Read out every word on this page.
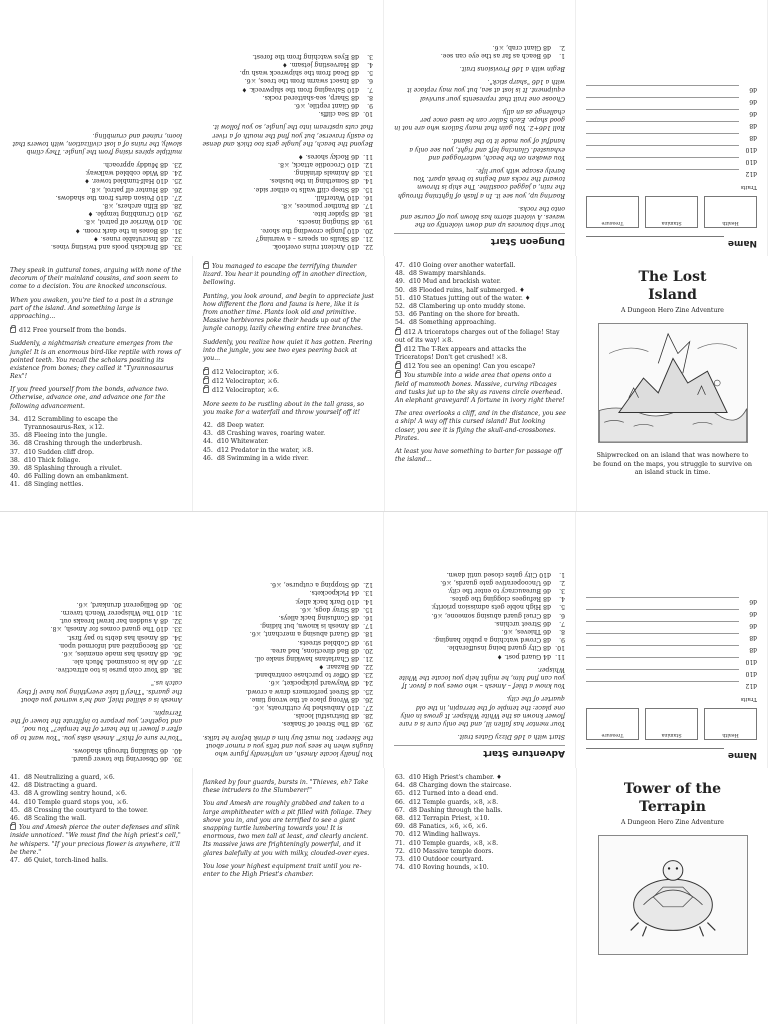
33.d8 Brackish pools and twisting vines.
32.d8 Inscrutable runes. ♦
31.d8 Bones in the dark room. ♦
30.d10 Warrior elf patrol, ⚔8.
29.d10 Crumbling temple. ♦
28.d8 Elfin archers, ⚔8.
27.d10 Poison darts from the shadows.
26.d8 Hunter elf patrol, ⚔8.
25.d10 Half-tumbled tower. ♦
24.d8 Wide cobbled walkway.
23.d8 Muddy approach.

multiple spires rising from the jungle. They climb slowly, the ruins of a lost civilization, with towers that loom, ruined and crumbling.

22.d10 Ancient ruins overlook.
21.d8 Skulls on spears – a warning?
20.d10 Jungle crowding the shore.
19.d8 Stinging insects.
18.d8 Spider bite.
17.d8 Panther pounces, ⚔8.
16.d10 Waterfall.
15.d8 Steep cliff walls to either side.
14.d8 Something in the bushes.
13.d8 Animals drinking.
12.d10 Crocodile attack, ⚔8.
11.d6 Rocky shores. ♦

Beyond the beach, the jungle gets too thick and dense to easily traverse, but you find the mouth of a river that cuts upstream into the jungle, so you follow it.

10.d8 Sea cliffs.
9.d6 Giant reptile, ⚔6.
8.d8 Sharp, sea-shattered rocks.
7.d10 Salvaging from the shipwreck. ♦
6.d8 Insect swarm from the trees, ⚔6.
5.d8 Dead from the shipwreck wash up.
4.d8 Harvesting jetsam. ♦
3.d8 Eyes watching from the forest.
Dungeon Start

Your ship bounces up and down violently on the waves. A violent storm has blown you off course and onto the rocks.

Roaring up, you see it. In a flash of lightning through the rain, a jagged coastline. The ship is thrown toward the rocks and begins to break apart. You barely escape with your life.

You awaken on the beach, waterlogged and exhausted. Glancing left and right, you see only a handful of you made it to the island.

Roll 1d6+2. You gain that many Sailors who are not in good shape. Each Sailor can be used once per challenge as an ally.

Choose one trait that represents your survival equipment. It is lost at sea, but you may replace it with a 1d6 "sharp stick".

Begin with a 1d6 Provisions trait.

1.d6 Beach as far as the eye can see.
2.d8 Giant crab, ⚔6.
Name
Health
Stamina
Treasure
Traits
d12
d10
d10
d8
d8
d6
d6
d6

They speak in guttural tones, arguing with none of the decorum of their mainland cousins, and soon seem to come to a decision. You are knocked unconscious.

When you awaken, you're tied to a post in a strange part of the island. And something large is approaching...

d12 Free yourself from the bonds.

Suddenly, a nightmarish creature emerges from the jungle! It is an enormous bird-like reptile with rows of pointed teeth. You recall the scholars positing its existence from bones; they called it "Tyrannosaurus Rex"!

If you freed yourself from the bonds, advance two. Otherwise, advance one, and advance one for the following advancement.

34. d12 Scrambling to escape the
Tyrannosaurus-Rex, ⚔12.
35. d8 Fleeing into the jungle.
36. d8 Crashing through the underbrush.
37. d10 Sudden cliff drop.
38. d10 Thick foliage.
39. d8 Splashing through a rivulet.
40. d6 Falling down an embankment.
41. d8 Singing nettles.

You managed to escape the terrifying thunder lizard. You hear it pounding off in another direction, bellowing.

Panting, you look around, and begin to appreciate just how different the flora and fauna is here, like it is from another time. Plants look old and primitive. Massive herbivores poke their heads up out of the jungle canopy, lazily chewing entire tree branches.

Suddenly, you realize how quiet it has gotten. Peering into the jungle, you see two eyes peering back at you...

d12 Velociraptor, ⚔6.

d12 Velociraptor, ⚔6.

d12 Velociraptor, ⚔6.

More seem to be rustling about in the tall grass, so you make for a waterfall and throw yourself off it!

42. d8 Deep water.
43. d8 Crashing waves, roaring water.
44. d10 Whitewater.
45. d12 Predator in the water, ⚔8.
46. d8 Swimming in a wide river.
47. d10 Going over another waterfall.
48. d8 Swampy marshlands.
49. d10 Mud and brackish water.
50. d8 Flooded ruins, half submerged. ♦
51. d10 Statues jutting out of the water. ♦
52. d8 Clambering up onto muddy stone.
53. d6 Panting on the shore for breath.
54. d8 Something approaching.

d12 A triceratops charges out of the foliage! Stay out of its way! ⚔8.

d12 The T-Rex appears and attacks the Triceratops! Don't get crushed! ⚔8.

d12 You see an opening! Can you escape?

You stumble into a wide area that opens onto a field of mammoth bones. Massive, curving ribcages and tusks jut up to the sky as ravens circle overhead. An elephant graveyard! A fortune in ivory right there!

The area overlooks a cliff, and in the distance, you see a ship! A way off this cursed island! But looking closer, you see it is flying the skull-and-crossbones. Pirates.

At least you have something to barter for passage off the island...

The Lost
Island
A Dungeon Hero Zine Adventure
Shipwrecked on an island that was nowhere to be found on the maps, you struggle to survive on an island stuck in time.
39.d6 Observing the tower guard.
40.d6 Skulking through shadows.

"You're sure of this?" Amesh asks you. "You want to go after a flower in the heart of the temple?" You nod, and together, you prepare to infiltrate the tower of the Terrapin.

Amesh is a skilled thief, and he's warned you about the guards. "They'll take everything you have if they catch us."

38.d8 Your coin purse is too attractive.
37.d6 Ale is consumed. Much ale.
36.d8 Amesh has made enemies, ⚔6.
35.d8 Recognized and informed upon.
34.d8 Amesh has debts to pay first.
33.d10 The guard comes for Amesh, ⚔8.
32.d8 A sudden bar brawl breaks out.
31.d10 The Whisperer Wench tavern.
30.d6 Belligerent drunkard, ⚔6.

You finally locate Amesh, an unfriendly figure who laughs when he sees you and tells you a rumor about the Sleeper. You must buy him a drink before he talks.

29.d8 The Street of Snakes.
28.d8 Distrustful locals.
27.d10 Ambushed by cutthroats, ⚔6.
26.d8 Wrong place at the wrong time.
25.d8 Street performers draw a crowd.
24.d8 Wayward pickpocket, ⚔6.
23.d8 Offer to purchase contraband.
22.d6 Bazaar. ♦
21.d8 Charlatans hawking snake oil.
20.d8 Bad directions, bad area.
19.d8 Cobbled streets.
18.d8 Guard abusing a merchant, ⚔6.
17.d8 Amesh is known, but hiding.
16.d8 Confusing back alleys.
15.d8 Stray dogs, ⚔6.
14.d10 Dark back alley.
13.d4 Pickpockets.
12.d6 Stopping a cutpurse, ⚔6.
Adventure Start

Start with a 1d6 Dizzy Gates trait.

Your mentor has fallen ill, and the only cure is a rare flower known as the White Whisper. It grows in only one place: the temple of the terrapin, in the old quarter of the city.

You know a thief – Amesh – who owes you a favor. If you can find him, he might help you locate the White Whisper.

11.d4 Guard post. ♦
10.d8 City guard being insufferable.
9.d8 Crowd watching a public hanging.
8.d6 Thieves, ⚔6.
7.d6 Street urchins.
6.d8 Cruel guard abusing someone, ⚔6.
5.d8 High noble gets admission priority.
4.d8 Refugees clogging the gates.
3.d6 Bureaucracy to enter the city.
2.d6 Uncooperative gate guards, ⚔6.
1.d10 City gates closed until dawn.
Name
Health
Stamina
Treasure
Traits
d12
d10
d10
d8
d8
d6
d6
d6
41. d8 Neutralizing a guard, ⚔6.
42. d8 Distracting a guard.
43. d8 A growling sentry hound, ⚔6.
44. d10 Temple guard stops you, ⚔6.
45. d8 Crossing the courtyard to the tower.
46. d8 Scaling the wall.

You and Amesh pierce the outer defenses and slink inside unnoticed. "We must find the high priest's cell," he whispers. "If your precious flower is anywhere, it'll be there."

47. d6 Quiet, torch-lined halls.

flanked by four guards, bursts in. "Thieves, eh? Take these intruders to the Slumberer!"

You and Amesh are roughly grabbed and taken to a large amphitheater with a pit filled with foliage. They shove you in, and you are terrified to see a giant snapping turtle lumbering towards you! It is enormous, two men tall at least, and clearly ancient. Its massive jaws are frighteningly powerful, and it glares balefully at you with milky, clouded-over eyes.

You lose your highest equipment trait until you re-enter to the High Priest's chamber.

63. d10 High Priest's chamber. ♦
64. d8 Charging down the staircase.
65. d12 Turned into a dead end.
66. d12 Temple guards, ⚔8, ⚔8.
67. d8 Dashing through the halls.
68. d12 Terrapin Priest, ⚔10.
69. d8 Fanatics, ⚔6, ⚔6, ⚔6.
70. d12 Winding hallways.
71. d10 Temple guards, ⚔8, ⚔8.
72. d10 Massive temple doors.
73. d10 Outdoor courtyard.
74. d10 Roving hounds, ⚔10.
Tower of the
Terrapin
A Dungeon Hero Zine Adventure
